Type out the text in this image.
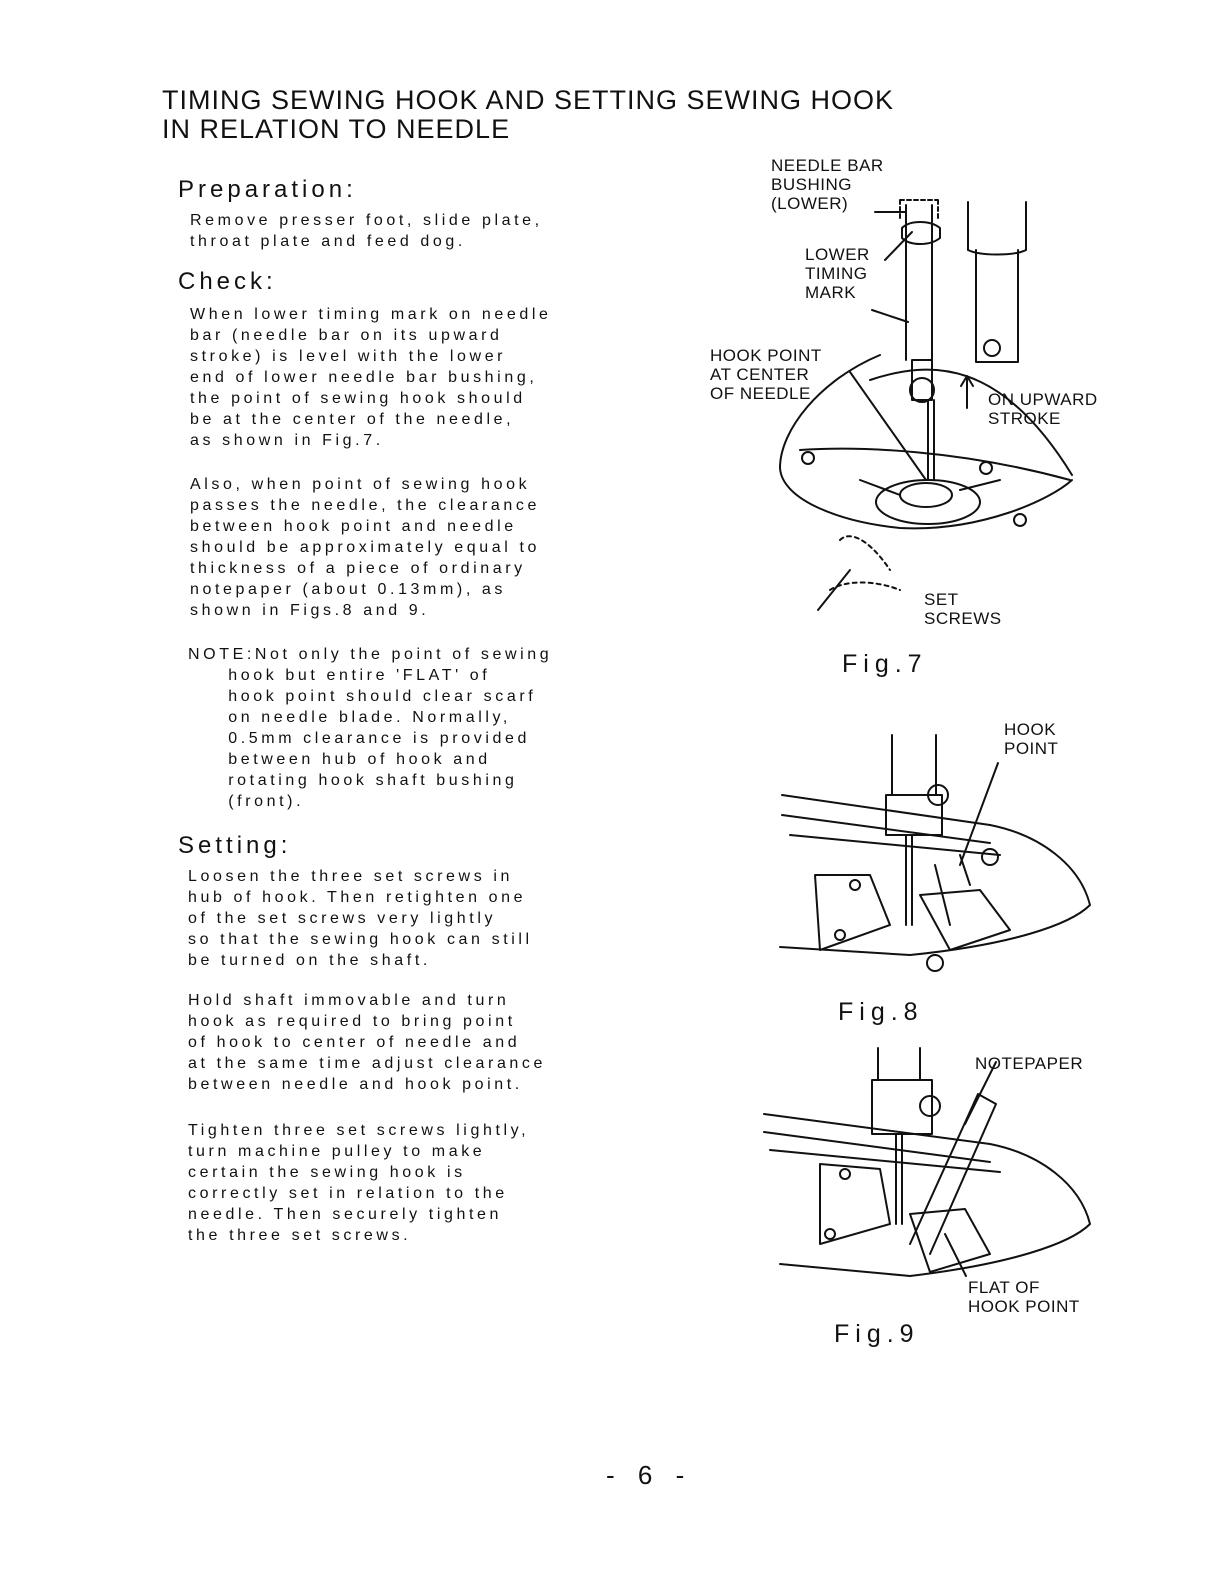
TIMING SEWING HOOK AND SETTING SEWING HOOK
IN RELATION TO NEEDLE
Preparation:
Remove presser foot, slide plate,
throat plate and feed dog.
Check:
When lower timing mark on needle
bar (needle bar on its upward
stroke) is level with the lower
end of lower needle bar bushing,
the point of sewing hook should
be at the center of the needle,
as shown in Fig.7.
Also, when point of sewing hook
passes the needle, the clearance
between hook point and needle
should be approximately equal to
thickness of a piece of ordinary
notepaper (about 0.13mm), as
shown in Figs.8 and 9.
NOTE:Not only the point of sewing
hook but entire 'FLAT' of
hook point should clear scarf
on needle blade. Normally,
0.5mm clearance is provided
between hub of hook and
rotating hook shaft bushing
(front).
Setting:
Loosen the three set screws in
hub of hook. Then retighten one
of the set screws very lightly
so that the sewing hook can still
be turned on the shaft.
Hold shaft immovable and turn
hook as required to bring point
of hook to center of needle and
at the same time adjust clearance
between needle and hook point.
Tighten three set screws lightly,
turn machine pulley to make
certain the sewing hook is
correctly set in relation to the
needle. Then securely tighten
the three set screws.
NEEDLE BAR
BUSHING
(LOWER)
LOWER
TIMING
MARK
HOOK POINT
AT CENTER
OF NEEDLE	ON UPWARD
STROKE
SET
SCREWS
Fig.7
HOOK
POINT
Fig.8
NOTEPAPER
FLAT OF
HOOK POINT
Fig.9
- 6 -
